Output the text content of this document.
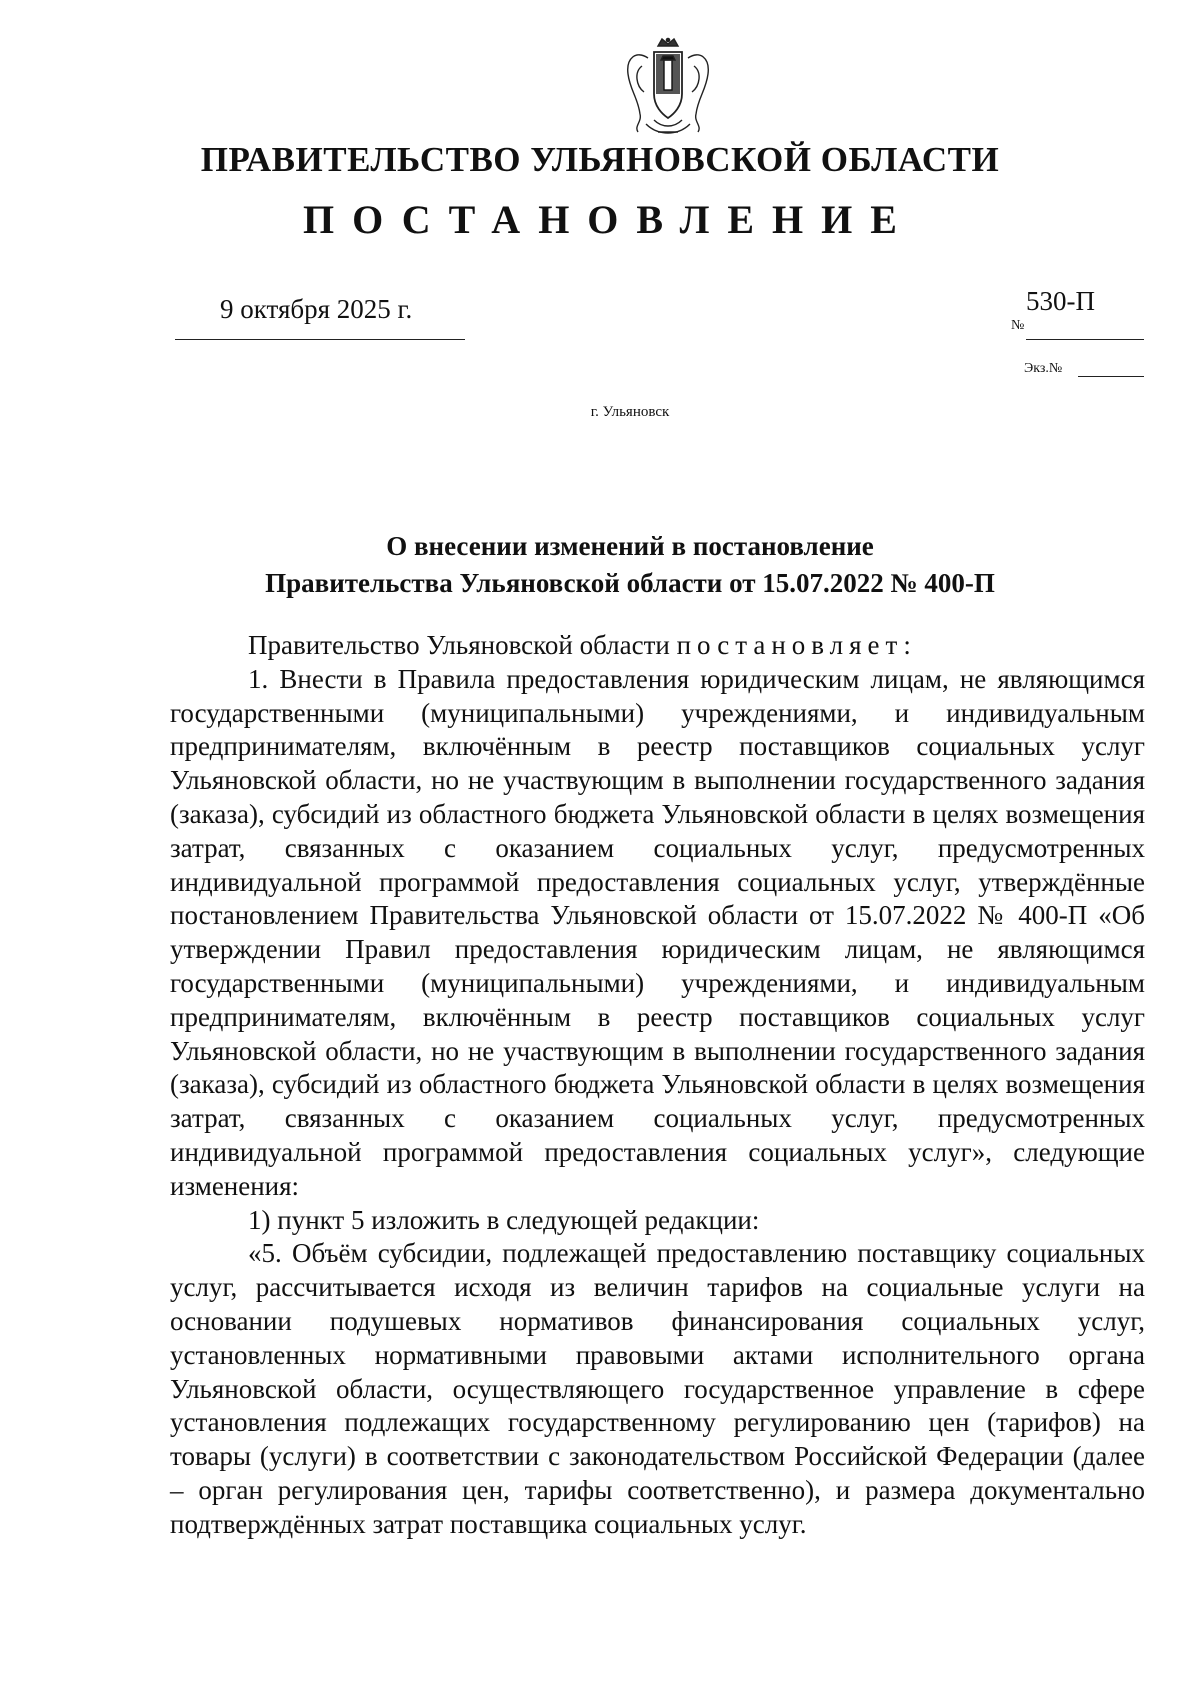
ПРАВИТЕЛЬСТВО УЛЬЯНОВСКОЙ ОБЛАСТИ
ПОСТАНОВЛЕНИЕ
9 октября 2025 г.
№
530-П
Экз.№
г. Ульяновск
О внесении изменений в постановление
Правительства Ульяновской области от 15.07.2022 № 400-П

Правительство Ульяновской области постановляет:

1. Внести в Правила предоставления юридическим лицам, не являющимся государственными (муниципальными) учреждениями, и индивидуальным предпринимателям, включённым в реестр поставщиков социальных услуг Ульяновской области, но не участвующим в выполнении государственного задания (заказа), субсидий из областного бюджета Ульяновской области в целях возмещения затрат, связанных с оказанием социальных услуг, предусмотренных индивидуальной программой предоставления социальных услуг, утверждённые постановлением Правительства Ульяновской области от 15.07.2022 № 400-П «Об утверждении Правил предоставления юридическим лицам, не являющимся государственными (муниципальными) учреждениями, и индивидуальным предпринимателям, включённым в реестр поставщиков социальных услуг Ульяновской области, но не участвующим в выполнении государственного задания (заказа), субсидий из областного бюджета Ульяновской области в целях возмещения затрат, связанных с оказанием социальных услуг, предусмотренных индивидуальной программой предоставления социальных услуг», следующие изменения:

1) пункт 5 изложить в следующей редакции:

«5. Объём субсидии, подлежащей предоставлению поставщику социальных услуг, рассчитывается исходя из величин тарифов на социальные услуги на основании подушевых нормативов финансирования социальных услуг, установленных нормативными правовыми актами исполнительного органа Ульяновской области, осуществляющего государственное управление в сфере установления подлежащих государственному регулированию цен (тарифов) на товары (услуги) в соответствии с законодательством Российской Федерации (далее – орган регулирования цен, тарифы соответственно), и размера документально подтверждённых затрат поставщика социальных услуг.
